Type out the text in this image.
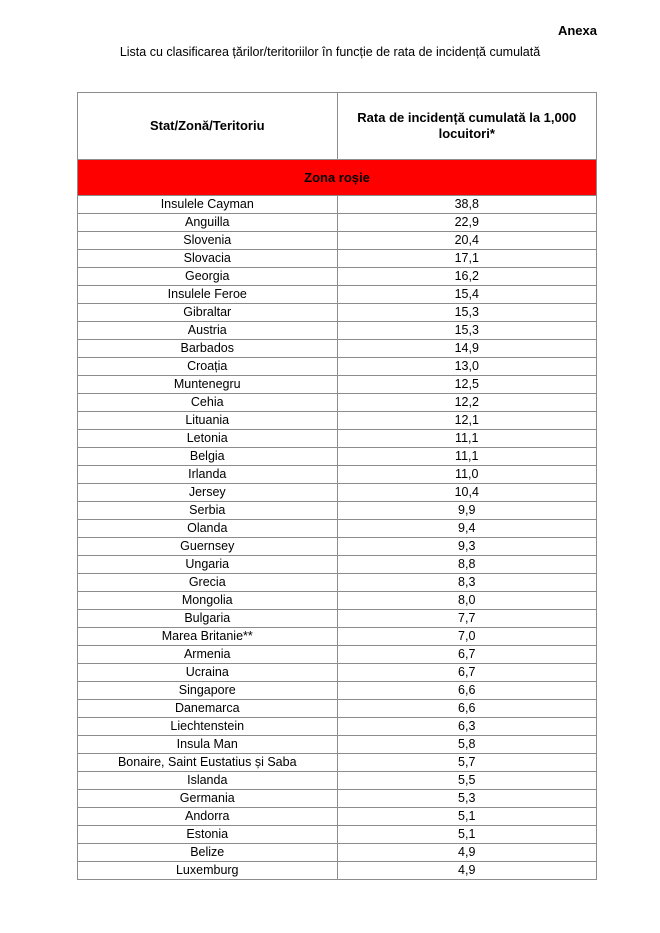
Anexa
Lista cu clasificarea țărilor/teritoriilor în funcție de rata de incidență cumulată
Stat/Zonă/Teritoriu	Rata de incidență cumulată la 1,000 locuitori*
Zona roșie	
Insulele Cayman	38,8
Anguilla	22,9
Slovenia	20,4
Slovacia	17,1
Georgia	16,2
Insulele Feroe	15,4
Gibraltar	15,3
Austria	15,3
Barbados	14,9
Croația	13,0
Muntenegru	12,5
Cehia	12,2
Lituania	12,1
Letonia	11,1
Belgia	11,1
Irlanda	11,0
Jersey	10,4
Serbia	9,9
Olanda	9,4
Guernsey	9,3
Ungaria	8,8
Grecia	8,3
Mongolia	8,0
Bulgaria	7,7
Marea Britanie**	7,0
Armenia	6,7
Ucraina	6,7
Singapore	6,6
Danemarca	6,6
Liechtenstein	6,3
Insula Man	5,8
Bonaire, Saint Eustatius și Saba	5,7
Islanda	5,5
Germania	5,3
Andorra	5,1
Estonia	5,1
Belize	4,9
Luxemburg	4,9
